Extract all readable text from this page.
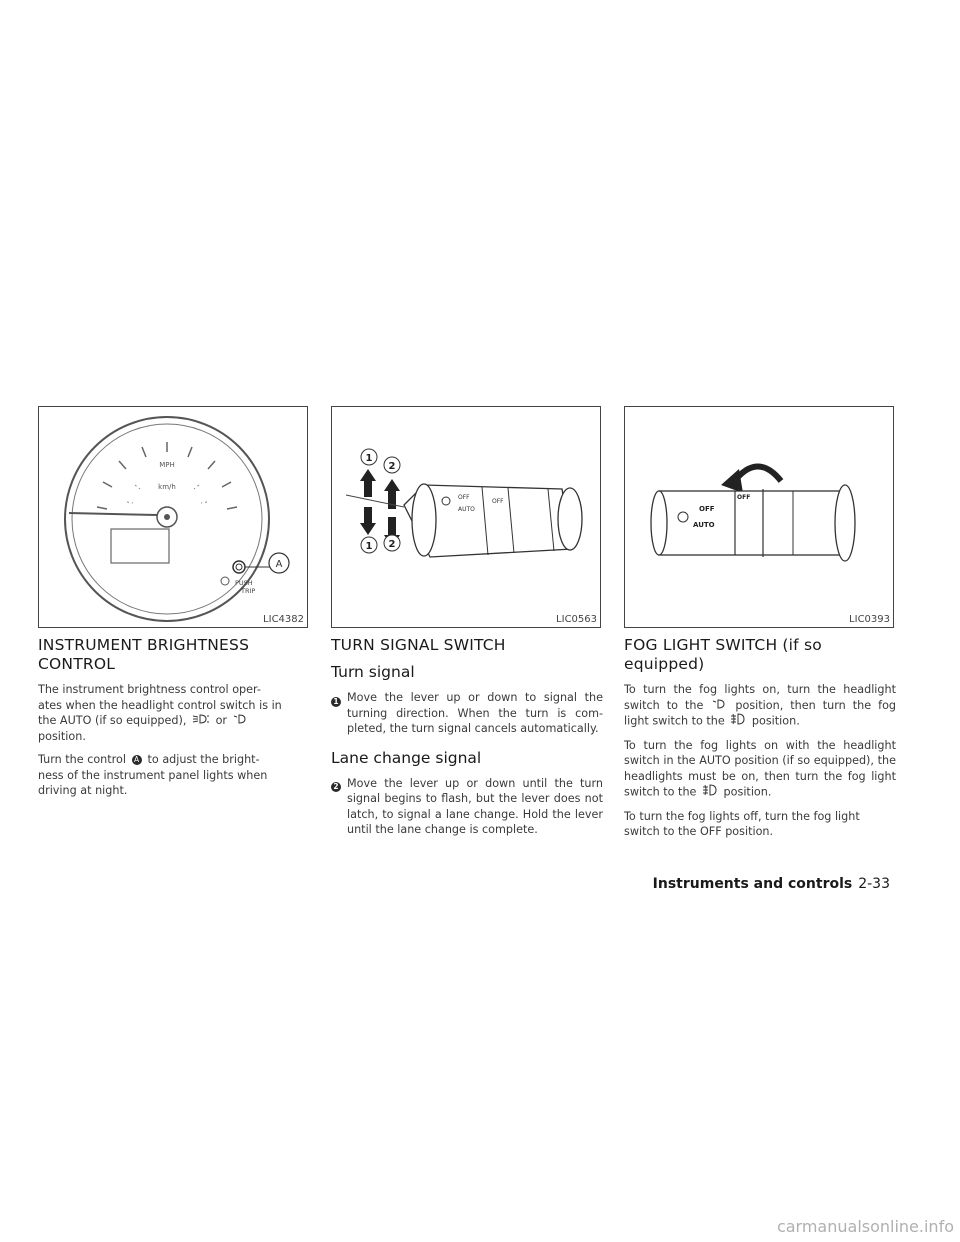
MPH
km/h
A
PUSH
TRIP
LIC4382
1
2
1 2
OFF
AUTO
OFF
LIC0563
OFF
AUTO
OFF
LIC0393
INSTRUMENT BRIGHTNESS
CONTROL

The instrument brightness control oper-
ates when the headlight control switch is in
the AUTO (if so equipped),	or
position.

Turn the control A to adjust the bright-
ness of the instrument panel lights when
driving at night.

TURN SIGNAL SWITCH
Turn signal
1 Move the lever up or down to signal the turning direction. When the turn is com-pleted, the turn signal cancels automatically.

Lane change signal
2 Move the lever up or down until the turn signal begins to flash, but the lever does not latch, to signal a lane change. Hold the lever until the lane change is complete.

FOG LIGHT SWITCH (if so equipped)

To turn the fog lights on, turn the headlight switch to the	position, then turn the fog light switch to the position.

To turn the fog lights on with the headlight switch in the AUTO position (if so equipped), the headlights must be on, then turn the fog light switch to the position.

To turn the fog lights off, turn the fog light switch to the OFF position.

Instruments and controls 2-33
carmanualsonline.info
